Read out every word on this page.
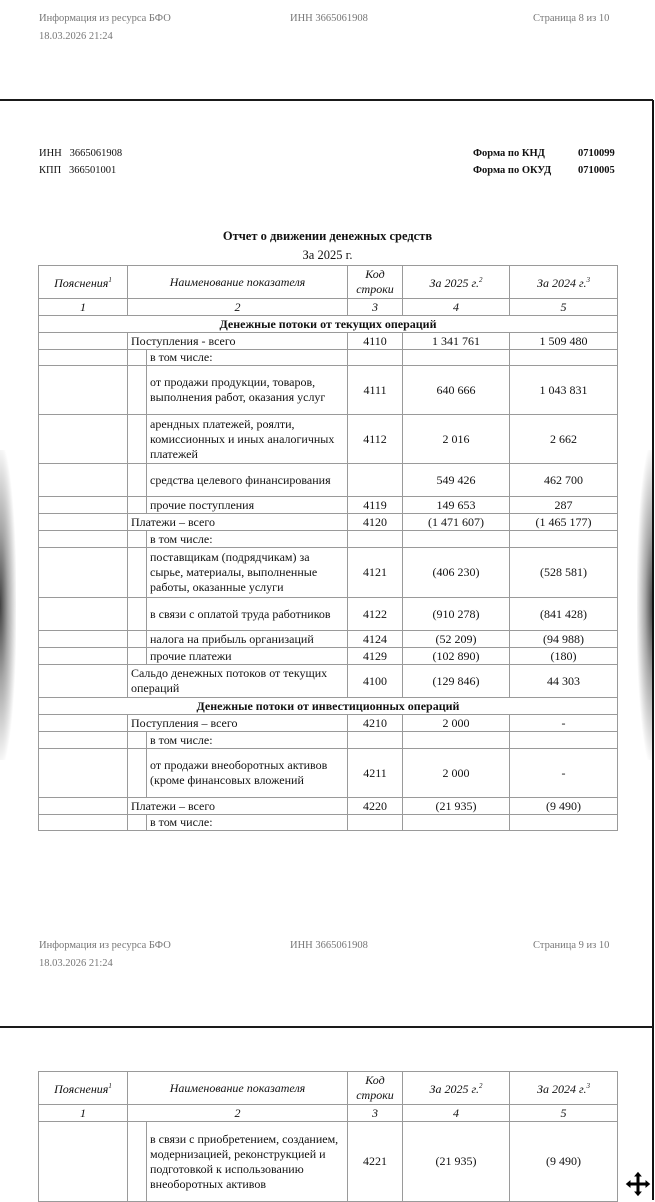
Информация из ресурса БФО
18.03.2026 21:24
ИНН 3665061908	Страница 8 из 10
ИНН 3665061908
КПП 366501001
Форма по КНД	0710099
Форма по ОКУД	0710005
Отчет о движении денежных средств
За 2025 г.
Пояснения$^1$	Наименование показателя		Код строки	За 2025 г.$^2$	За 2024 г.$^3$
1	2		3	4	5
Денежные потоки от текущих операций					
	Поступления - всего		4110	1 341 761	1 509 480
		в том числе:			
		от продажи продукции, товаров, выполнения работ, оказания услуг	4111	640 666	1 043 831
		арендных платежей, роялти, комиссионных и иных аналогичных платежей	4112	2 016	2 662
		средства целевого финансирования		549 426	462 700
		прочие поступления	4119	149 653	287
	Платежи – всего		4120	(1 471 607)	(1 465 177)
		в том числе:			
		поставщикам (подрядчикам) за сырье, материалы, выполненные работы, оказанные услуги	4121	(406 230)	(528 581)
		в связи с оплатой труда работников	4122	(910 278)	(841 428)
		налога на прибыль организаций	4124	(52 209)	(94 988)
		прочие платежи	4129	(102 890)	(180)
	Сальдо денежных потоков от текущих операций		4100	(129 846)	44 303
Денежные потоки от инвестиционных операций					
	Поступления – всего		4210	2 000	-
		в том числе:			
		от продажи внеоборотных активов (кроме финансовых вложений	4211	2 000	-
	Платежи – всего		4220	(21 935)	(9 490)
		в том числе:			
Информация из ресурса БФО
18.03.2026 21:24
ИНН 3665061908	Страница 9 из 10
Пояснения$^1$	Наименование показателя		Код строки	За 2025 г.$^2$	За 2024 г.$^3$
1	2		3	4	5
		в связи с приобретением, созданием, модернизацией, реконструкцией и подготовкой к использованию внеоборотных активов	4221	(21 935)	(9 490)
